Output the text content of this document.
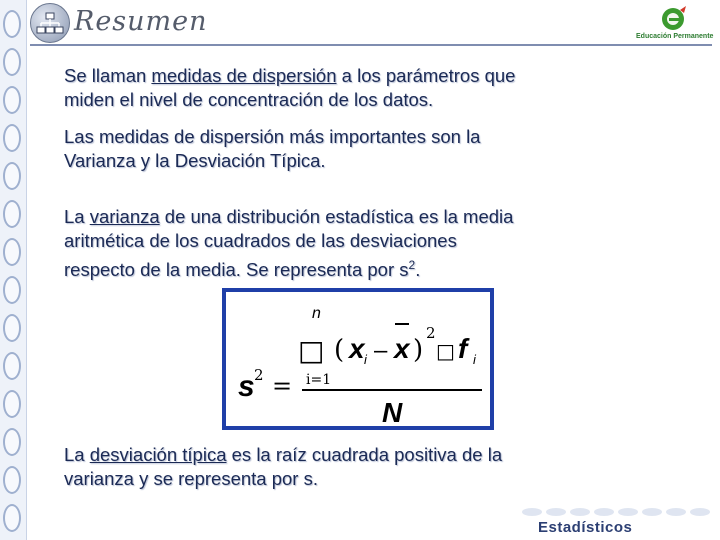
Resumen	Educación Permanente
Se llaman medidas de dispersión a los parámetros que
miden el nivel de concentración de los datos.
Las medidas de dispersión más importantes son la
Varianza y la Desviación Típica.
La varianza de una distribución estadística es la media
aritmética de los cuadrados de las desviaciones
respecto de la media. Se representa por $s^2$.
n
□ ( x i – x )
2
□ f i
s 2 = i=1
N
La desviación típica es la raíz cuadrada positiva de la
varianza y se representa por s.
Estadísticos
